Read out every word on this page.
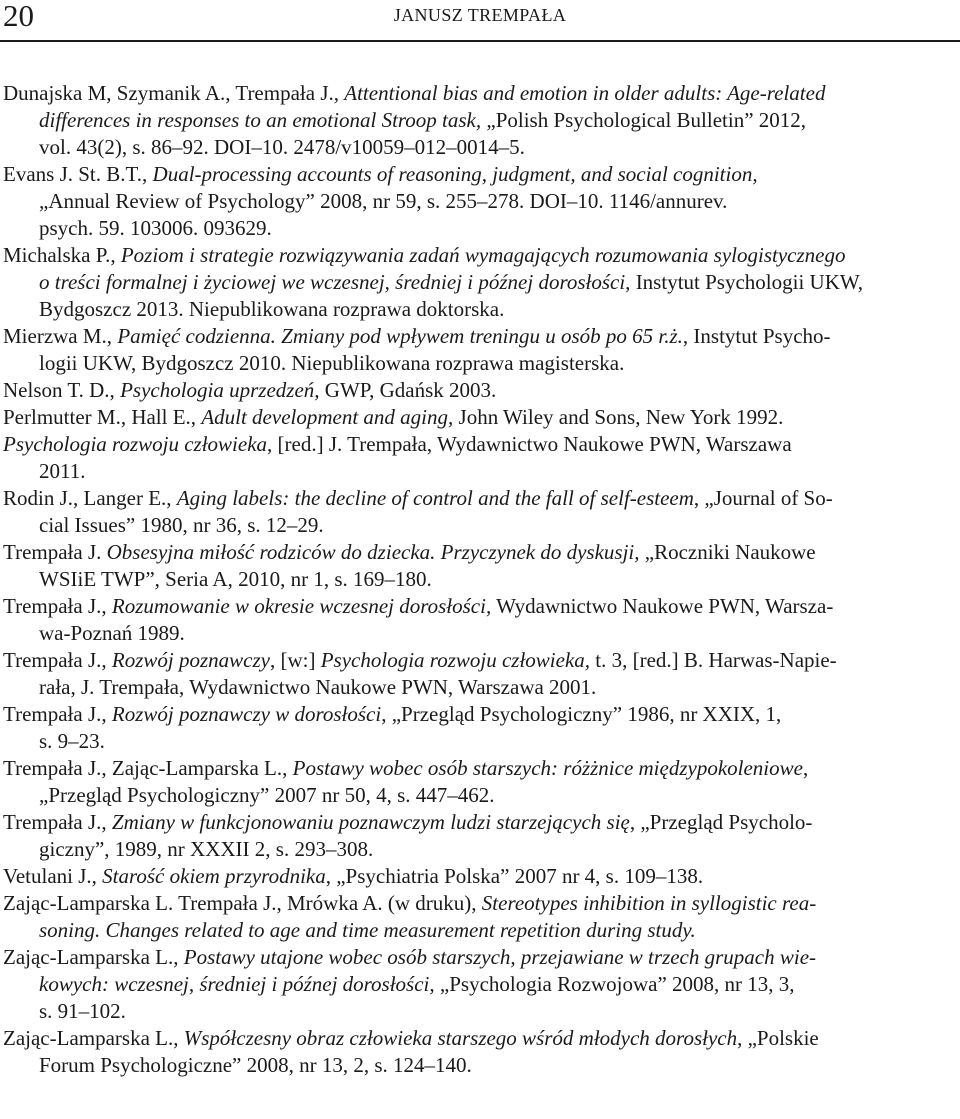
20	JANUSZ TREMPAŁA
Dunajska M, Szymanik A., Trempała J., Attentional bias and emotion in older adults: Age-related
differences in responses to an emotional Stroop task, „Polish Psychological Bulletin” 2012,
vol. 43(2), s. 86–92. DOI–10. 2478/v10059–012–0014–5.
Evans J. St. B.T., Dual-processing accounts of reasoning, judgment, and social cognition,
„Annual Review of Psychology” 2008, nr 59, s. 255–278. DOI–10. 1146/annurev.
psych. 59. 103006. 093629.
Michalska P., Poziom i strategie rozwiązywania zadań wymagających rozumowania sylogistycznego
o treści formalnej i życiowej we wczesnej, średniej i późnej dorosłości, Instytut Psychologii UKW,
Bydgoszcz 2013. Niepublikowana rozprawa doktorska.
Mierzwa M., Pamięć codzienna. Zmiany pod wpływem treningu u osób po 65 r.ż., Instytut Psycho-
logii UKW, Bydgoszcz 2010. Niepublikowana rozprawa magisterska.
Nelson T. D., Psychologia uprzedzeń, GWP, Gdańsk 2003.
Perlmutter M., Hall E., Adult development and aging, John Wiley and Sons, New York 1992.
Psychologia rozwoju człowieka, [red.] J. Trempała, Wydawnictwo Naukowe PWN, Warszawa
2011.
Rodin J., Langer E., Aging labels: the decline of control and the fall of self-esteem, „Journal of So-
cial Issues” 1980, nr 36, s. 12–29.
Trempała J. Obsesyjna miłość rodziców do dziecka. Przyczynek do dyskusji, „Roczniki Naukowe
WSIiE TWP”, Seria A, 2010, nr 1, s. 169–180.
Trempała J., Rozumowanie w okresie wczesnej dorosłości, Wydawnictwo Naukowe PWN, Warsza-
wa-Poznań 1989.
Trempała J., Rozwój poznawczy, [w:] Psychologia rozwoju człowieka, t. 3, [red.] B. Harwas-Napie-
rała, J. Trempała, Wydawnictwo Naukowe PWN, Warszawa 2001.
Trempała J., Rozwój poznawczy w dorosłości, „Przegląd Psychologiczny” 1986, nr XXIX, 1,
s. 9–23.
Trempała J., Zając-Lamparska L., Postawy wobec osób starszych: różżnice międzypokoleniowe,
„Przegląd Psychologiczny” 2007 nr 50, 4, s. 447–462.
Trempała J., Zmiany w funkcjonowaniu poznawczym ludzi starzejących się, „Przegląd Psycholo-
giczny”, 1989, nr XXXII 2, s. 293–308.
Vetulani J., Starość okiem przyrodnika, „Psychiatria Polska” 2007 nr 4, s. 109–138.
Zając-Lamparska L. Trempała J., Mrówka A. (w druku), Stereotypes inhibition in syllogistic rea-
soning. Changes related to age and time measurement repetition during study.
Zając-Lamparska L., Postawy utajone wobec osób starszych, przejawiane w trzech grupach wie-
kowych: wczesnej, średniej i późnej dorosłości, „Psychologia Rozwojowa” 2008, nr 13, 3,
s. 91–102.
Zając-Lamparska L., Współczesny obraz człowieka starszego wśród młodych dorosłych, „Polskie
Forum Psychologiczne” 2008, nr 13, 2, s. 124–140.
